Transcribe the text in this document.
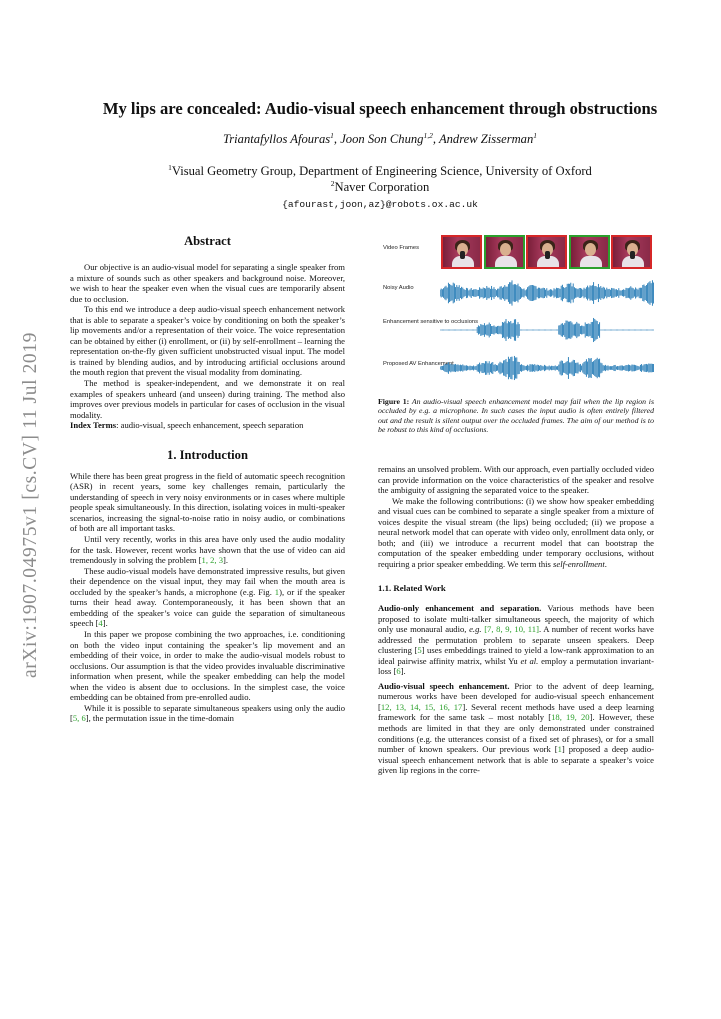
arXiv:1907.04975v1 [cs.CV] 11 Jul 2019
My lips are concealed: Audio-visual speech enhancement through obstructions
Triantafyllos Afouras$^1$, Joon Son Chung$^{1,2}$, Andrew Zisserman$^1$
$^1$Visual Geometry Group, Department of Engineering Science, University of Oxford
$^2$Naver Corporation
{afourast,joon,az}@robots.ox.ac.uk

Abstract

Our objective is an audio-visual model for separating a single speaker from a mixture of sounds such as other speakers and background noise. Moreover, we wish to hear the speaker even when the visual cues are temporarily absent due to occlusion.

To this end we introduce a deep audio-visual speech enhancement network that is able to separate a speaker’s voice by conditioning on both the speaker’s lip movements and/or a representation of their voice. The voice representation can be obtained by either (i) enrollment, or (ii) by self-enrollment – learning the representation on-the-fly given sufficient unobstructed visual input. The model is trained by blending audios, and by introducing artificial occlusions around the mouth region that prevent the visual modality from dominating.

The method is speaker-independent, and we demonstrate it on real examples of speakers unheard (and unseen) during training. The method also improves over previous models in particular for cases of occlusion in the visual modality.

Index Terms: audio-visual, speech enhancement, speech separation

1. Introduction

While there has been great progress in the field of automatic speech recognition (ASR) in recent years, some key challenges remain, particularly the understanding of speech in very noisy environments or in cases where multiple people speak simultaneously. In this direction, isolating voices in multi-speaker scenarios, increasing the signal-to-noise ratio in noisy audio, or combinations of both are all important tasks.

Until very recently, works in this area have only used the audio modality for the task. However, recent works have shown that the use of video can aid tremendously in solving the problem [1, 2, 3].

These audio-visual models have demonstrated impressive results, but given their dependence on the visual input, they may fail when the mouth area is occluded by the speaker’s hands, a microphone (e.g. Fig. 1), or if the speaker turns their head away. Contemporaneously, it has been shown that an embedding of the speaker’s voice can guide the separation of simultaneous speech [4].

In this paper we propose combining the two approaches, i.e. conditioning on both the video input containing the speaker’s lip movement and an embedding of their voice, in order to make the audio-visual models robust to occlusions. Our assumption is that the video provides invaluable discriminative information when present, while the speaker embedding can help the model when the video is absent due to occlusions. In the simplest case, the voice embedding can be obtained from pre-enrolled audio.

While it is possible to separate simultaneous speakers using only the audio [5, 6], the permutation issue in the time-domain

Video Frames
Noisy Audio
Enhancement sensitive to occlusions
Proposed AV Enhancement
Figure 1: An audio-visual speech enhancement model may fail when the lip region is occluded by e.g. a microphone. In such cases the input audio is often entirely filtered out and the result is silent output over the occluded frames. The aim of our method is to be robust to this kind of occlusions.

remains an unsolved problem. With our approach, even partially occluded video can provide information on the voice characteristics of the speaker and resolve the ambiguity of assigning the separated voice to the speaker.

We make the following contributions: (i) we show how speaker embedding and visual cues can be combined to separate a single speaker from a mixture of voices despite the visual stream (the lips) being occluded; (ii) we propose a neural network model that can operate with video only, enrollment data only, or both; and (iii) we introduce a recurrent model that can bootstrap the computation of the speaker embedding under temporary occlusions, without requiring a prior speaker embedding. We term this self-enrollment.

1.1. Related Work

Audio-only enhancement and separation. Various methods have been proposed to isolate multi-talker simultaneous speech, the majority of which only use monaural audio, e.g. [7, 8, 9, 10, 11]. A number of recent works have addressed the permutation problem to separate unseen speakers. Deep clustering [5] uses embeddings trained to yield a low-rank approximation to an ideal pairwise affinity matrix, whilst Yu et al. employ a permutation invariant-loss [6].

Audio-visual speech enhancement. Prior to the advent of deep learning, numerous works have been developed for audio-visual speech enhancement [12, 13, 14, 15, 16, 17]. Several recent methods have used a deep learning framework for the same task – most notably [18, 19, 20]. However, these methods are limited in that they are only demonstrated under constrained conditions (e.g. the utterances consist of a fixed set of phrases), or for a small number of known speakers. Our previous work [1] proposed a deep audio-visual speech enhancement network that is able to separate a speaker’s voice given lip regions in the corre-
